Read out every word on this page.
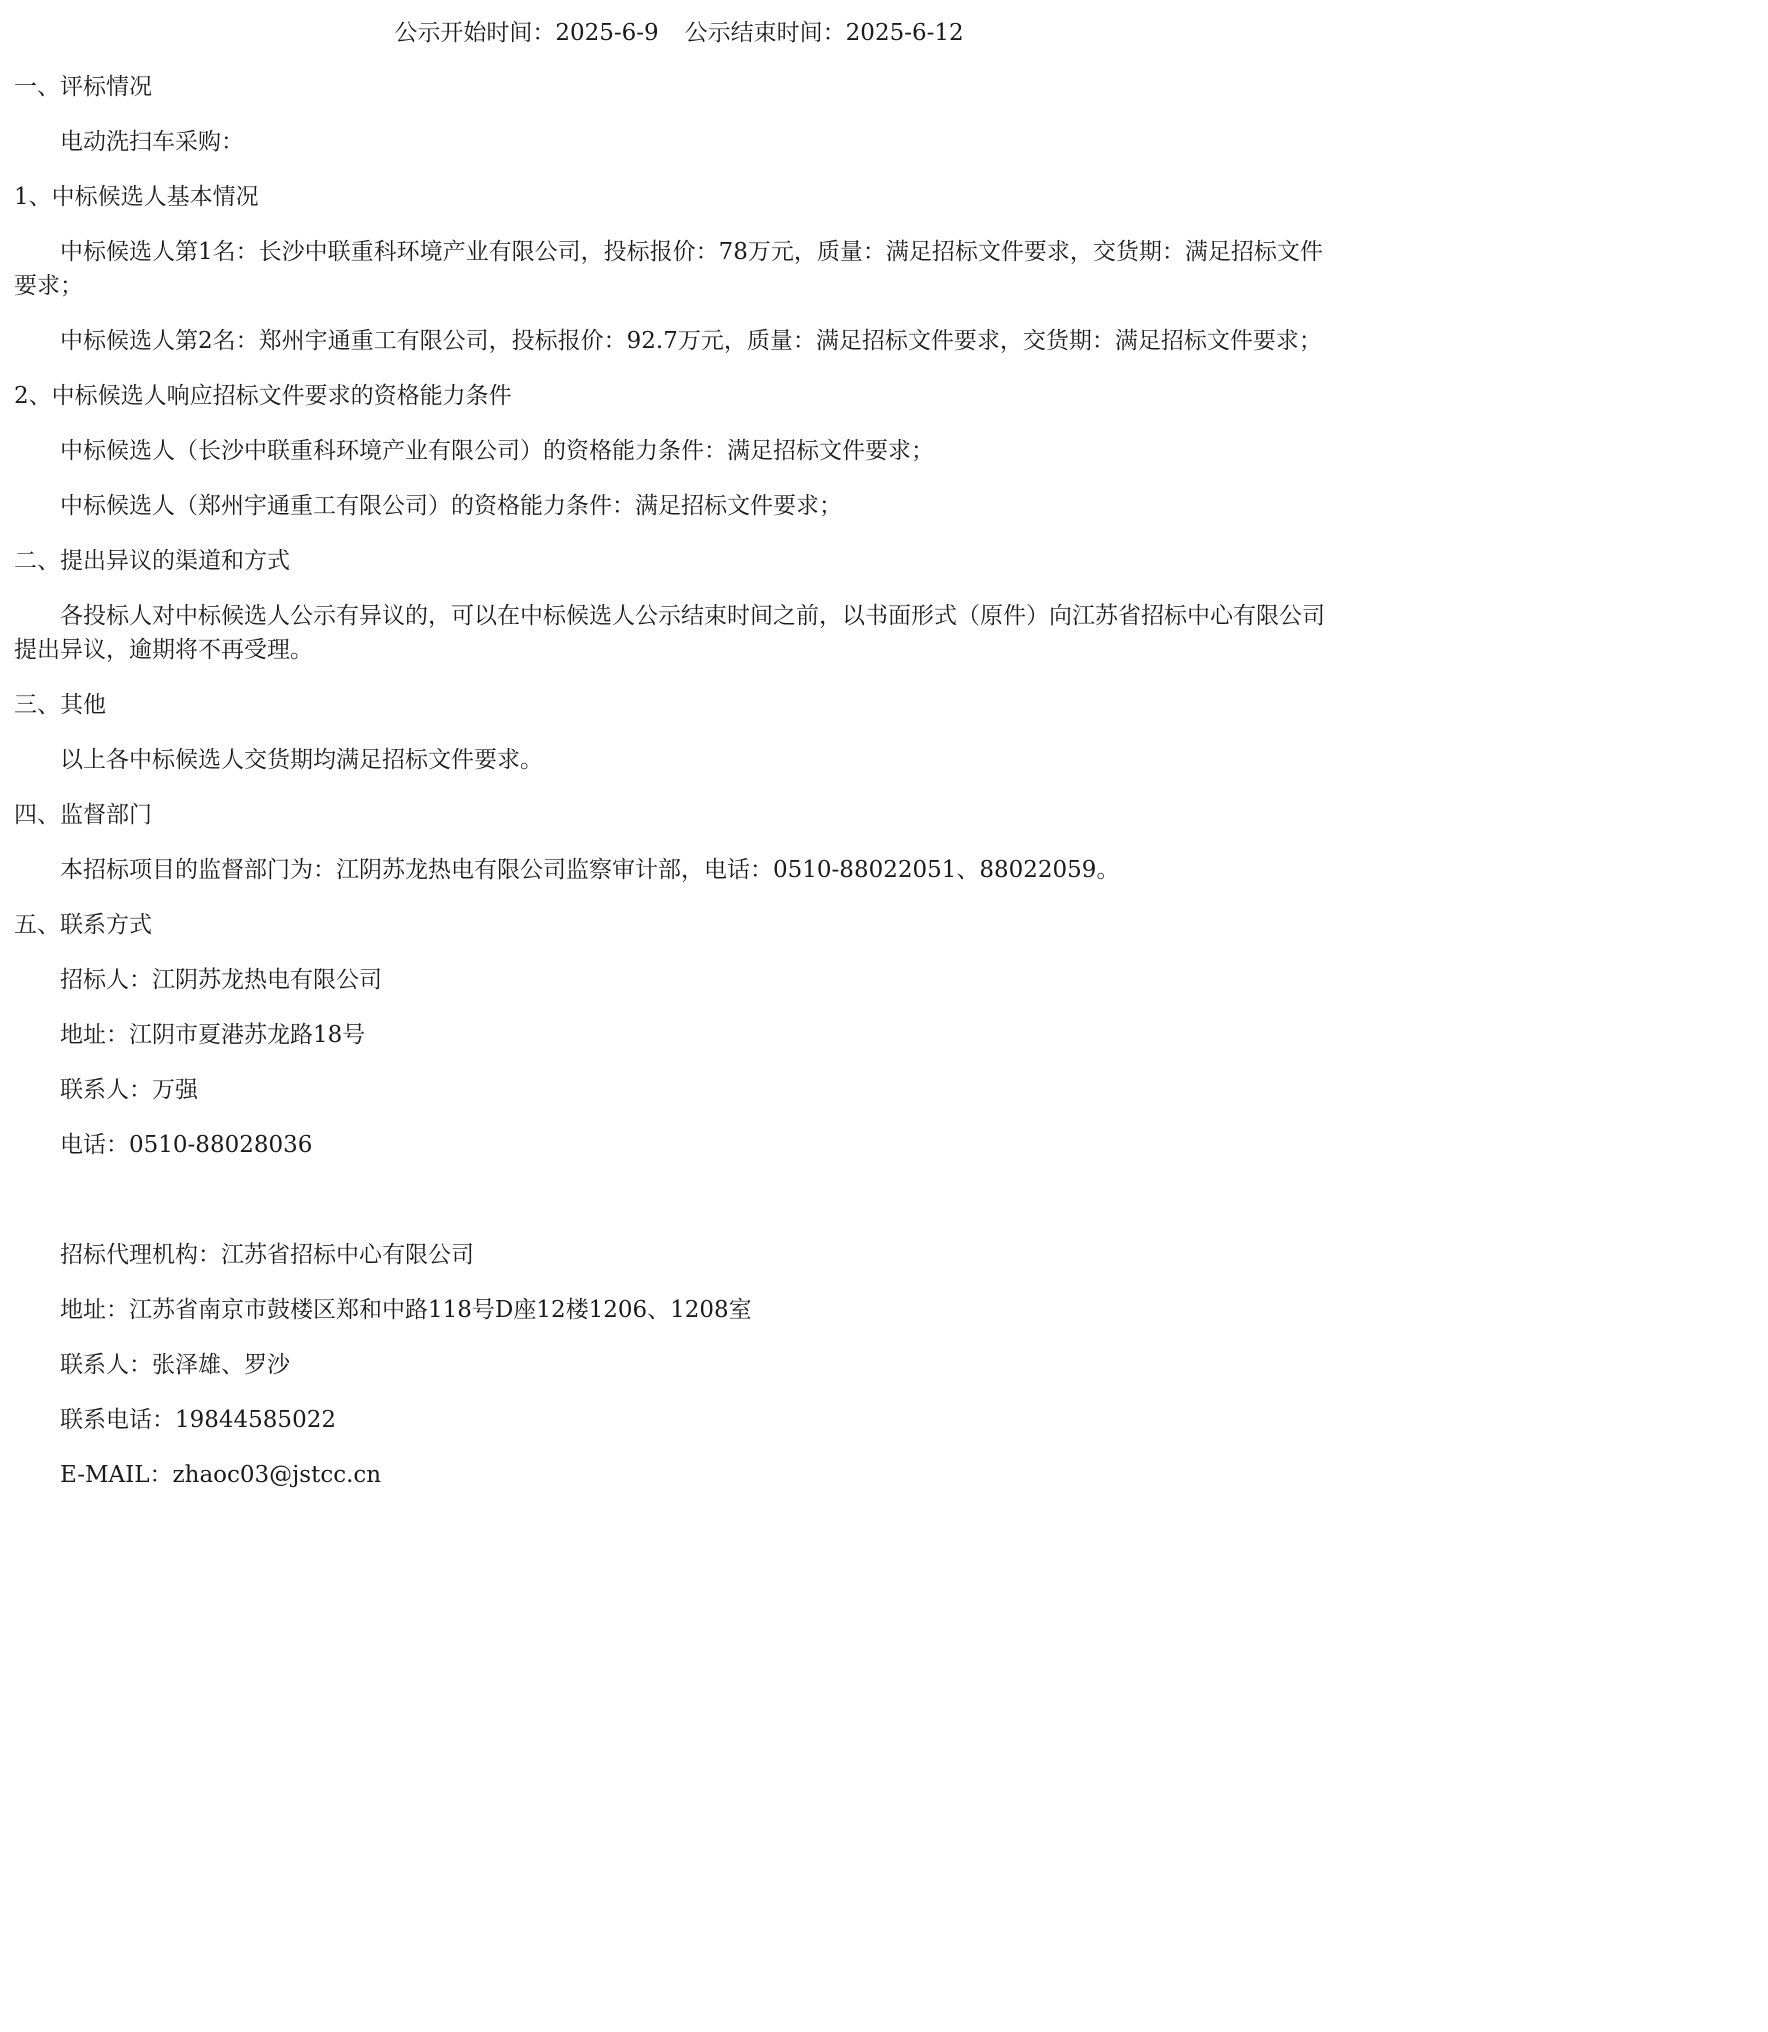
公示开始时间：2025-6-9 公示结束时间：2025-6-12
一、评标情况
电动洗扫车采购：
1、中标候选人基本情况
中标候选人第1名：长沙中联重科环境产业有限公司，投标报价：78万元，质量：满足招标文件要求，交货期：满足招标文件要求；
中标候选人第2名：郑州宇通重工有限公司，投标报价：92.7万元，质量：满足招标文件要求，交货期：满足招标文件要求；
2、中标候选人响应招标文件要求的资格能力条件
中标候选人（长沙中联重科环境产业有限公司）的资格能力条件：满足招标文件要求；
中标候选人（郑州宇通重工有限公司）的资格能力条件：满足招标文件要求；
二、提出异议的渠道和方式
各投标人对中标候选人公示有异议的，可以在中标候选人公示结束时间之前，以书面形式（原件）向江苏省招标中心有限公司提出异议，逾期将不再受理。
三、其他
以上各中标候选人交货期均满足招标文件要求。
四、监督部门
本招标项目的监督部门为：江阴苏龙热电有限公司监察审计部，电话：0510-88022051、88022059。
五、联系方式
招标人：江阴苏龙热电有限公司
地址：江阴市夏港苏龙路18号
联系人：万强
电话：0510-88028036
招标代理机构：江苏省招标中心有限公司
地址：江苏省南京市鼓楼区郑和中路118号D座12楼1206、1208室
联系人：张泽雄、罗沙
联系电话：19844585022
E-MAIL：zhaoc03@jstcc.cn
